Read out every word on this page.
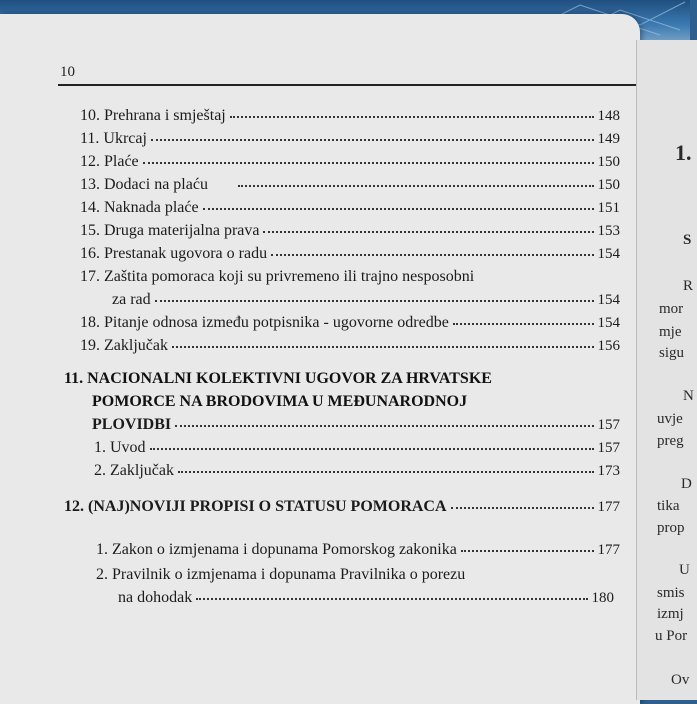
10
10. Prehrana i smještaj	148
11. Ukrcaj	149
12. Plaće	150
13. Dodaci na plaću	150
14. Naknada plaće	151
15. Druga materijalna prava	153
16. Prestanak ugovora o radu	154
17. Zaštita pomoraca koji su privremeno ili trajno nesposobni
za rad	154
18. Pitanje odnosa između potpisnika - ugovorne odredbe	154
19. Zaključak	156
11. NACIONALNI KOLEKTIVNI UGOVOR ZA HRVATSKE
POMORCE NA BRODOVIMA U MEĐUNARODNOJ
PLOVIDBI	157
1. Uvod	157
2. Zaključak	173
12. (NAJ)NOVIJI PROPISI O STATUSU POMORACA	177
1. Zakon o izmjenama i dopunama Pomorskog zakonika	177
2. Pravilnik o izmjenama i dopunama Pravilnika o porezu
na dohodak	180
1.
S
R
mor
mje
sigu
N
uvje
preg
D
tika
prop
U
smis
izmj
u Por
Ov
